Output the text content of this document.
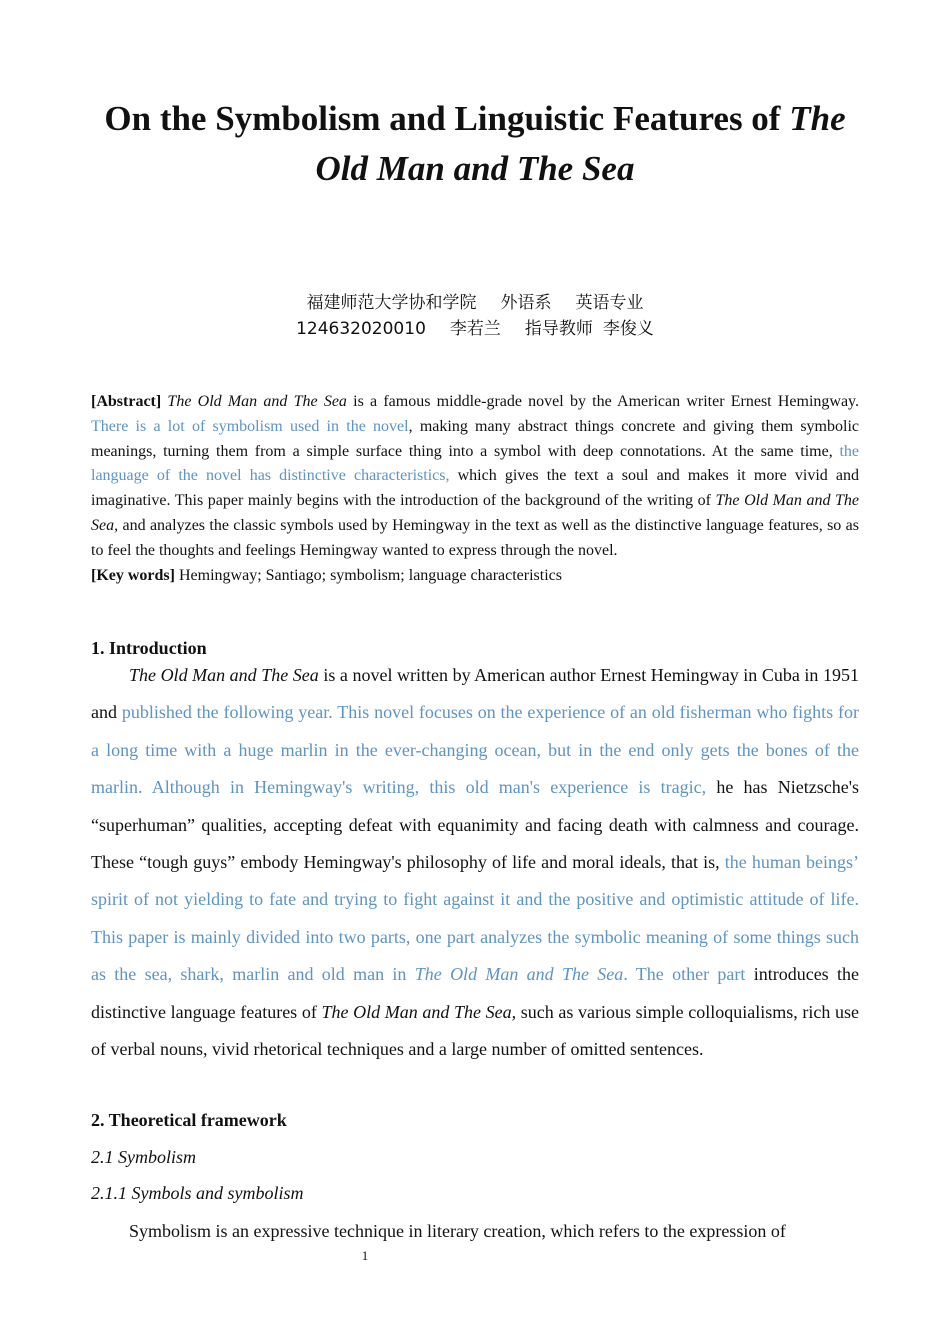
On the Symbolism and Linguistic Features of The
Old Man and The Sea
福建师范大学协和学院 外语系 英语专业
124632020010 李若兰 指导教师 李俊义

[Abstract] The Old Man and The Sea is a famous middle-grade novel by the American writer Ernest Hemingway. There is a lot of symbolism used in the novel, making many abstract things concrete and giving them symbolic meanings, turning them from a simple surface thing into a symbol with deep connotations. At the same time, the language of the novel has distinctive characteristics, which gives the text a soul and makes it more vivid and imaginative. This paper mainly begins with the introduction of the background of the writing of The Old Man and The Sea, and analyzes the classic symbols used by Hemingway in the text as well as the distinctive language features, so as to feel the thoughts and feelings Hemingway wanted to express through the novel.

[Key words] Hemingway; Santiago; symbolism; language characteristics

1. Introduction

The Old Man and The Sea is a novel written by American author Ernest Hemingway in Cuba in 1951 and published the following year. This novel focuses on the experience of an old fisherman who fights for a long time with a huge marlin in the ever-changing ocean, but in the end only gets the bones of the marlin. Although in Hemingway's writing, this old man's experience is tragic, he has Nietzsche's “superhuman” qualities, accepting defeat with equanimity and facing death with calmness and courage. These “tough guys” embody Hemingway's philosophy of life and moral ideals, that is, the human beings’ spirit of not yielding to fate and trying to fight against it and the positive and optimistic attitude of life. This paper is mainly divided into two parts, one part analyzes the symbolic meaning of some things such as the sea, shark, marlin and old man in The Old Man and The Sea. The other part introduces the distinctive language features of The Old Man and The Sea, such as various simple colloquialisms, rich use of verbal nouns, vivid rhetorical techniques and a large number of omitted sentences.

2. Theoretical framework
2.1 Symbolism
2.1.1 Symbols and symbolism

Symbolism is an expressive technique in literary creation, which refers to the expression of

1
